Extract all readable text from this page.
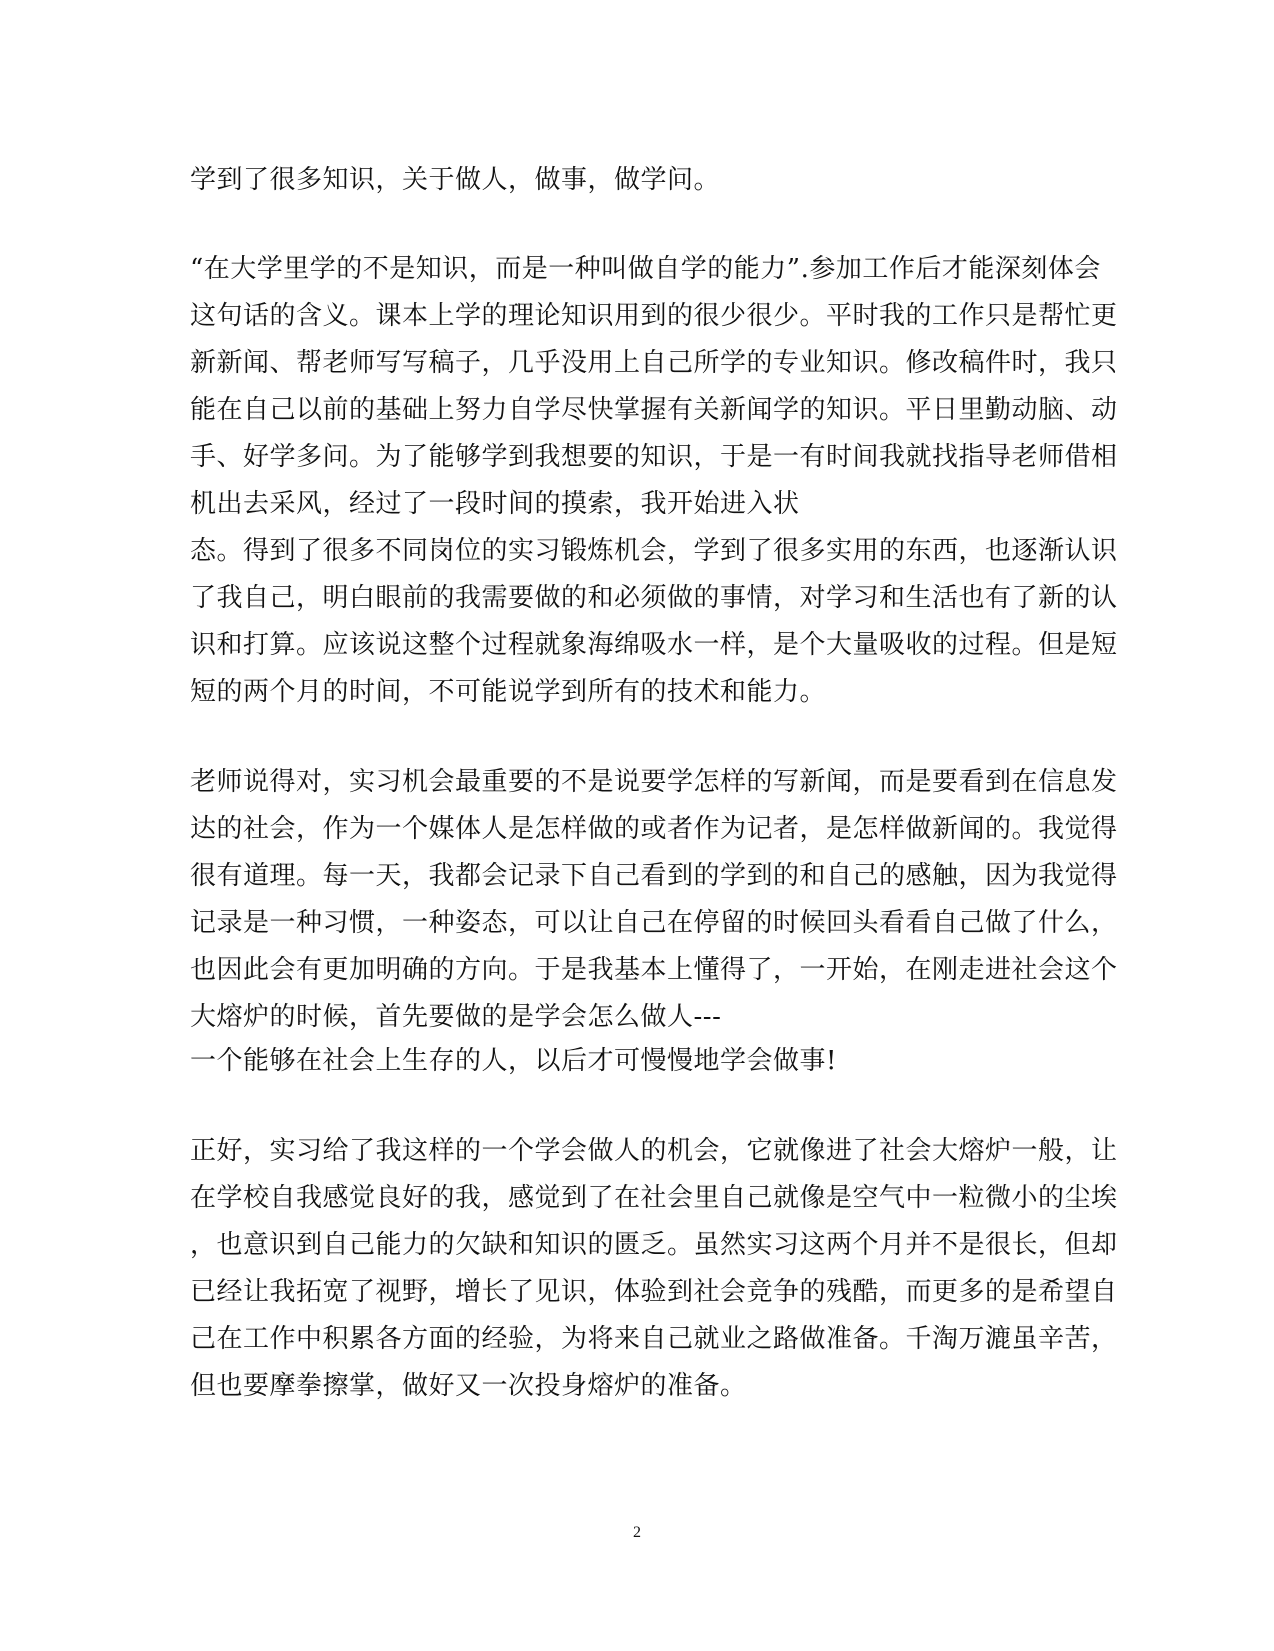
学到了很多知识，关于做人，做事，做学问。
“在大学里学的不是知识，而是一种叫做自学的能力”.参加工作后才能深刻体会
这句话的含义。课本上学的理论知识用到的很少很少。平时我的工作只是帮忙更
新新闻、帮老师写写稿子，几乎没用上自己所学的专业知识。修改稿件时，我只
能在自己以前的基础上努力自学尽快掌握有关新闻学的知识。平日里勤动脑、动
手、好学多问。为了能够学到我想要的知识，于是一有时间我就找指导老师借相
机出去采风，经过了一段时间的摸索，我开始进入状
态。得到了很多不同岗位的实习锻炼机会，学到了很多实用的东西，也逐渐认识
了我自己，明白眼前的我需要做的和必须做的事情，对学习和生活也有了新的认
识和打算。应该说这整个过程就象海绵吸水一样，是个大量吸收的过程。但是短
短的两个月的时间，不可能说学到所有的技术和能力。
老师说得对，实习机会最重要的不是说要学怎样的写新闻，而是要看到在信息发
达的社会，作为一个媒体人是怎样做的或者作为记者，是怎样做新闻的。我觉得
很有道理。每一天，我都会记录下自己看到的学到的和自己的感触，因为我觉得
记录是一种习惯，一种姿态，可以让自己在停留的时候回头看看自己做了什么，
也因此会有更加明确的方向。于是我基本上懂得了，一开始，在刚走进社会这个
大熔炉的时候，首先要做的是学会怎么做人---
一个能够在社会上生存的人，以后才可慢慢地学会做事!
正好，实习给了我这样的一个学会做人的机会，它就像进了社会大熔炉一般，让
在学校自我感觉良好的我，感觉到了在社会里自己就像是空气中一粒微小的尘埃
，也意识到自己能力的欠缺和知识的匮乏。虽然实习这两个月并不是很长，但却
已经让我拓宽了视野，增长了见识，体验到社会竞争的残酷，而更多的是希望自
己在工作中积累各方面的经验，为将来自己就业之路做准备。千淘万漉虽辛苦，
但也要摩拳擦掌，做好又一次投身熔炉的准备。
2
